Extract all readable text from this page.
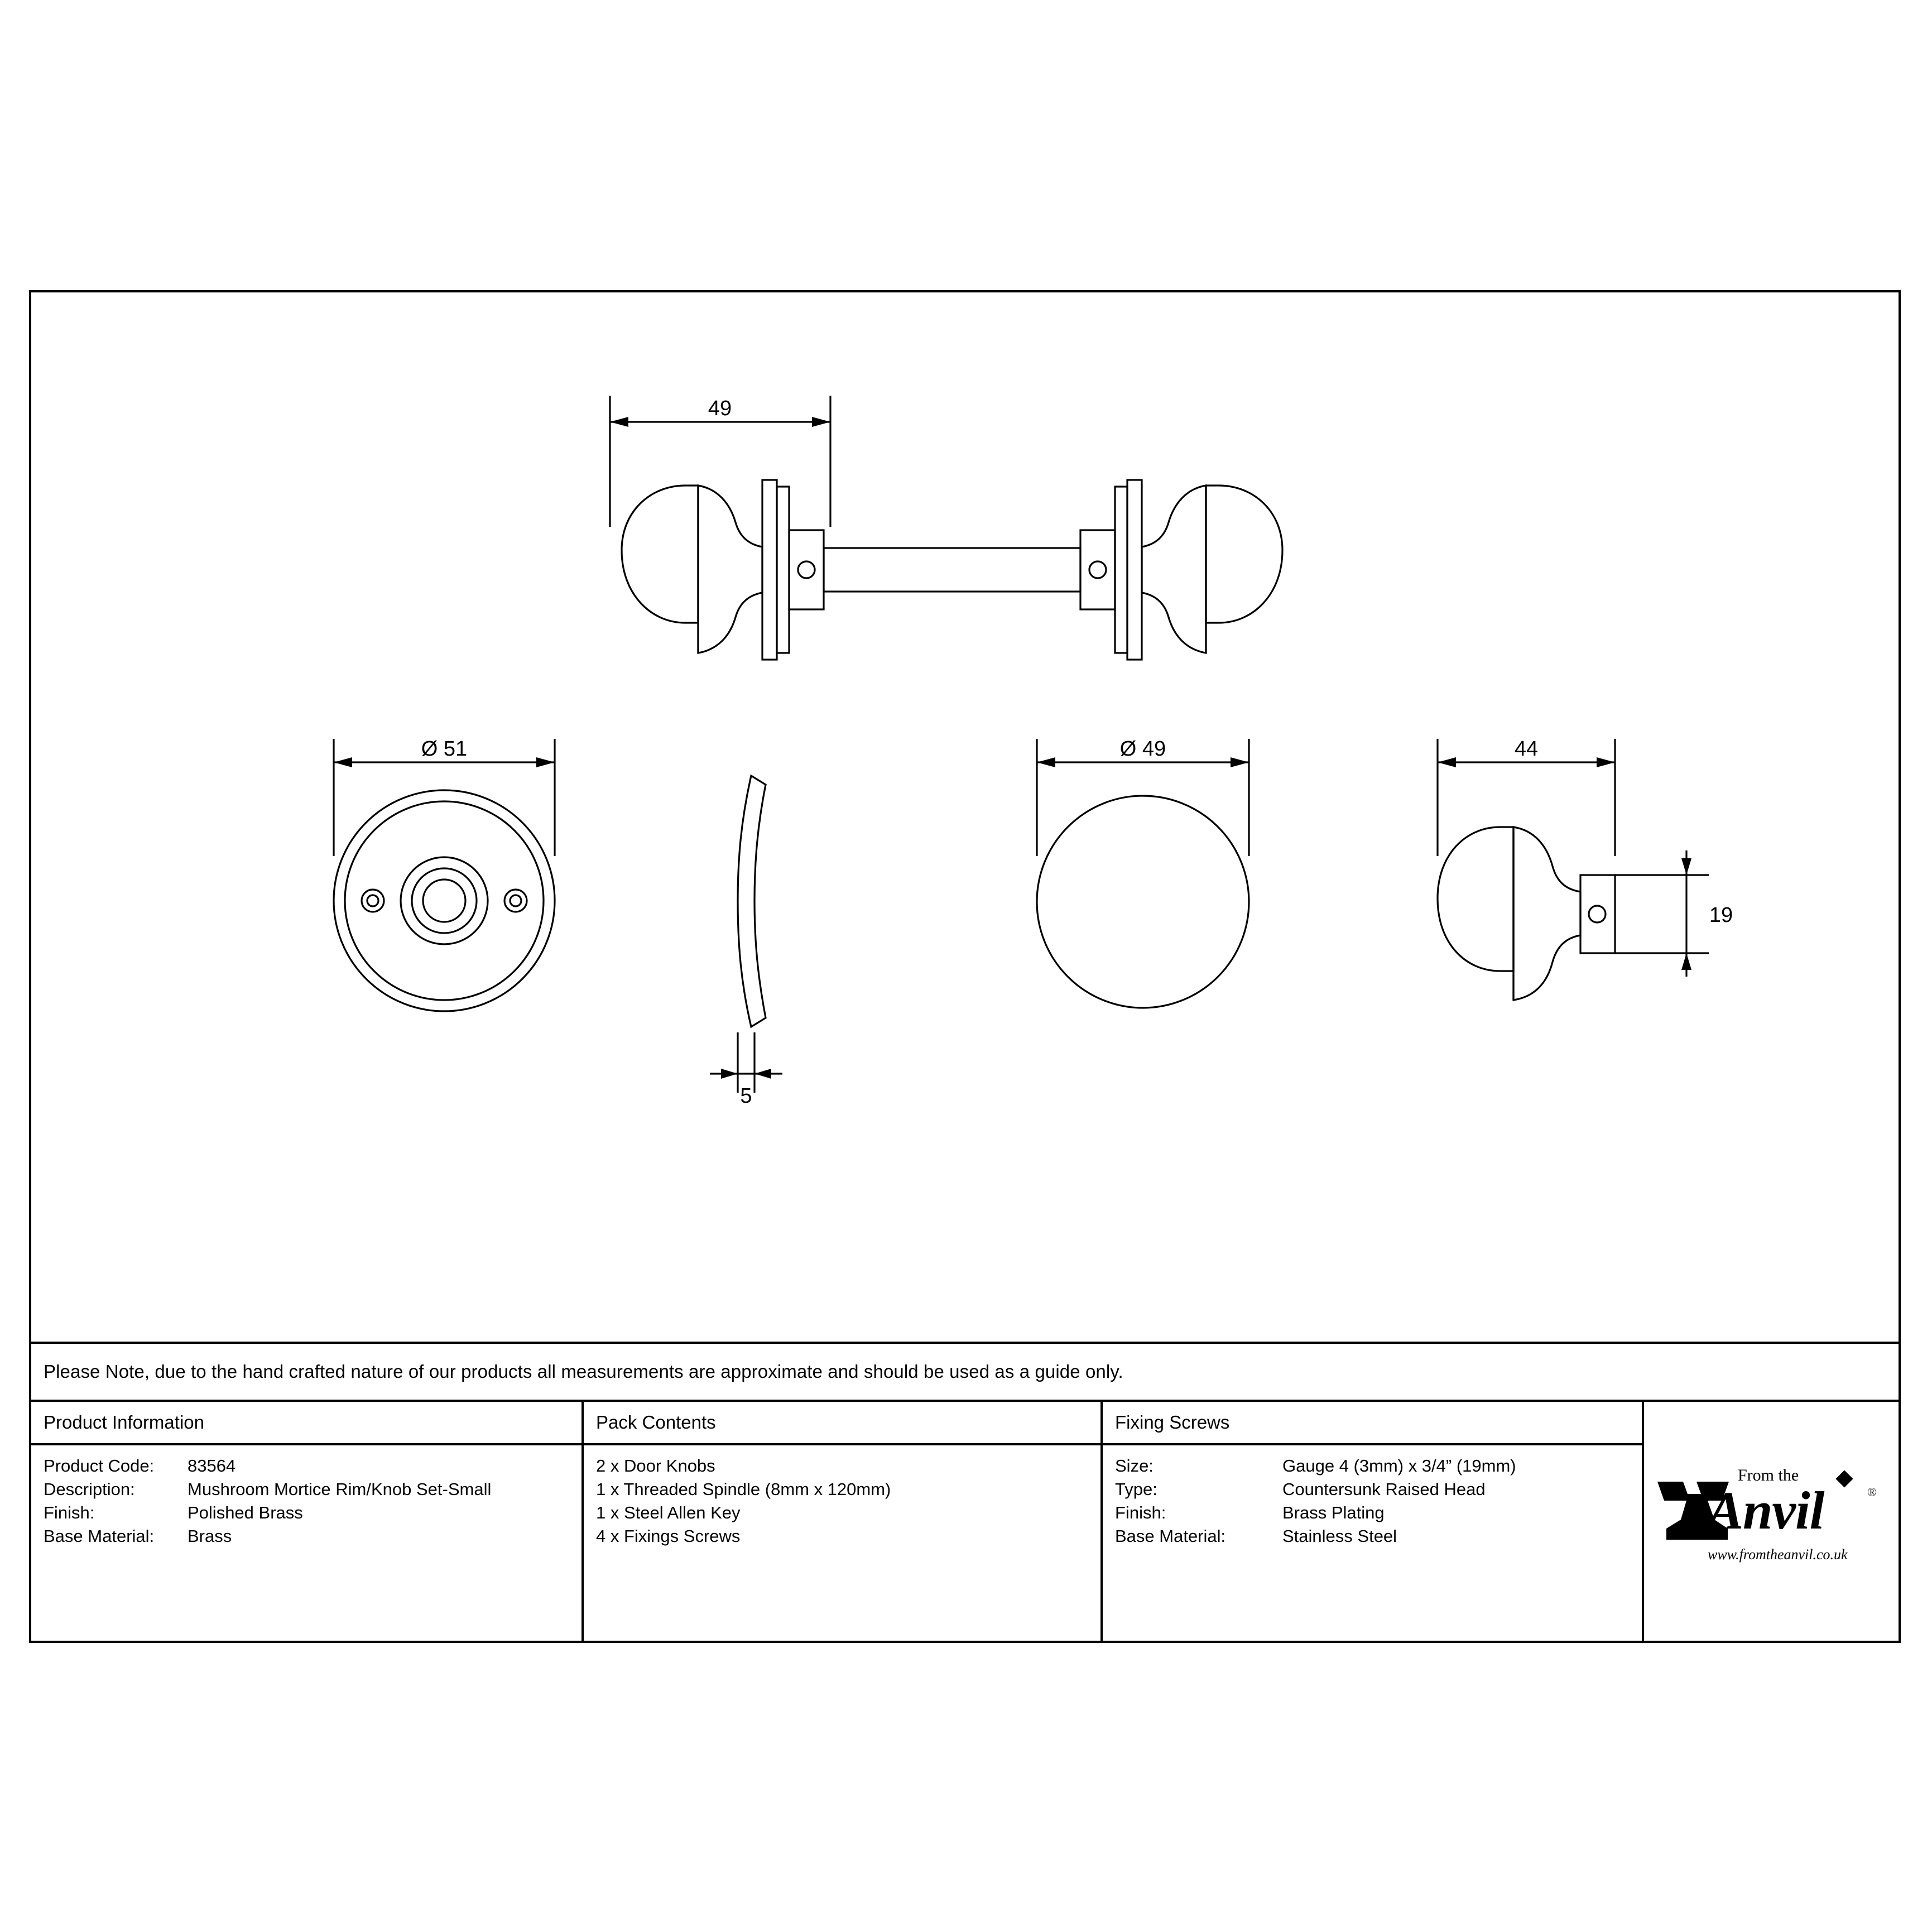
49
Ø 51
5
Ø 49	44
19
Please Note, due to the hand crafted nature of our products all measurements are approximate and should be used as a guide only.
Product Information
Product Code:	83564
Description:	Mushroom Mortice Rim/Knob Set-Small
Finish:	Polished Brass
Base Material:	Brass
Pack Contents
2 x Door Knobs
1 x Threaded Spindle (8mm x 120mm)
1 x Steel Allen Key
4 x Fixings Screws
Fixing Screws
Size:	Gauge 4 (3mm) x 3/4” (19mm)
Type:	Countersunk Raised Head
Finish:	Brass Plating
Base Material:	Stainless Steel
From the
Anvil	®
www.fromtheanvil.co.uk
